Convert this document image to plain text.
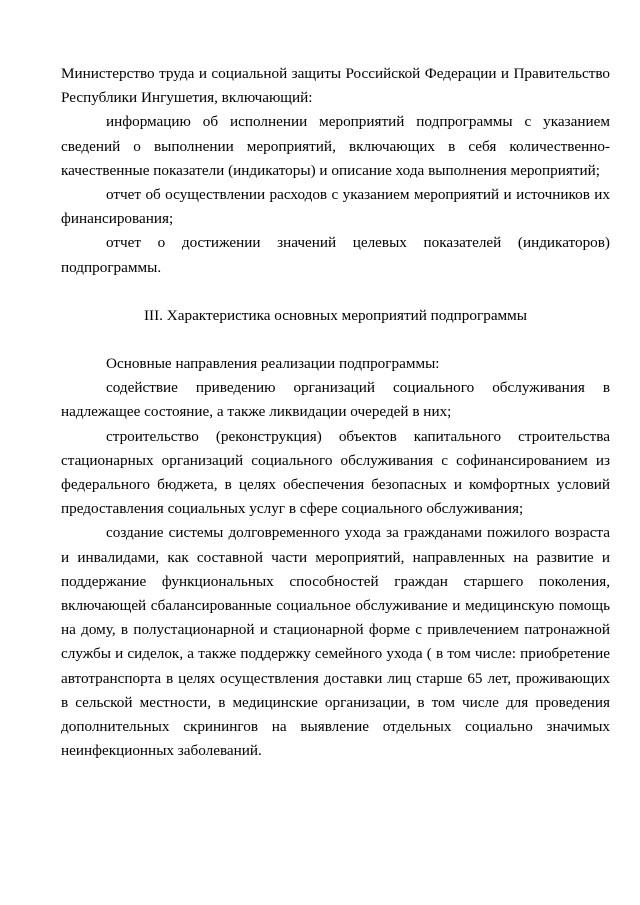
Министерство труда и социальной защиты Российской Федерации и Правительство Республики Ингушетия, включающий:

информацию об исполнении мероприятий подпрограммы с указанием сведений о выполнении мероприятий, включающих в себя количественно-качественные показатели (индикаторы) и описание хода выполнения мероприятий;

отчет об осуществлении расходов с указанием мероприятий и источников их финансирования;

отчет о достижении значений целевых показателей (индикаторов) подпрограммы.

III. Характеристика основных мероприятий подпрограммы

Основные направления реализации подпрограммы:

содействие приведению организаций социального обслуживания в надлежащее состояние, а также ликвидации очередей в них;

строительство (реконструкция) объектов капитального строительства стационарных организаций социального обслуживания с софинансированием из федерального бюджета, в целях обеспечения безопасных и комфортных условий предоставления социальных услуг в сфере социального обслуживания;

создание системы долговременного ухода за гражданами пожилого возраста и инвалидами, как составной части мероприятий, направленных на развитие и поддержание функциональных способностей граждан старшего поколения, включающей сбалансированные социальное обслуживание и медицинскую помощь на дому, в полустационарной и стационарной форме с привлечением патронажной службы и сиделок, а также поддержку семейного ухода ( в том числе: приобретение автотранспорта в целях осуществления доставки лиц старше 65 лет, проживающих в сельской местности, в медицинские организации, в том числе для проведения дополнительных скринингов на выявление отдельных социально значимых неинфекционных заболеваний.
